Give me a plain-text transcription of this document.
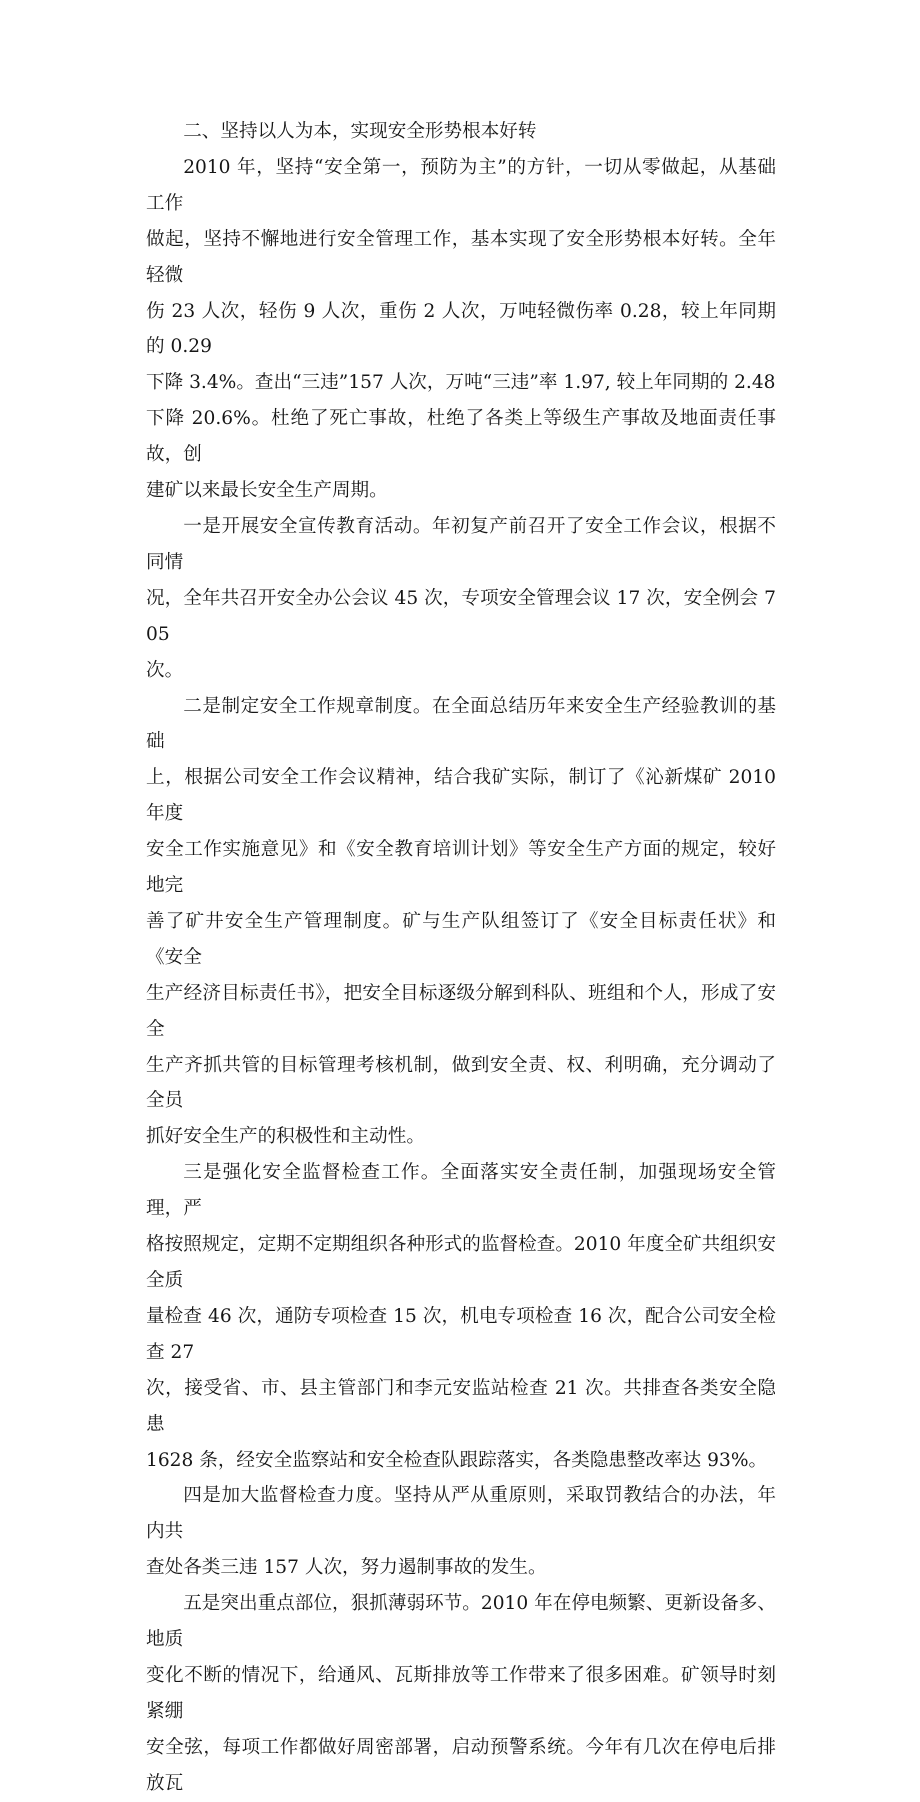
二、坚持以人为本，实现安全形势根本好转

2010 年，坚持“安全第一，预防为主”的方针，一切从零做起，从基础工作

做起，坚持不懈地进行安全管理工作，基本实现了安全形势根本好转。全年轻微

伤 23 人次，轻伤 9 人次，重伤 2 人次，万吨轻微伤率 0.28，较上年同期的 0.29

下降 3.4%。查出“三违”157 人次，万吨“三违”率 1.97, 较上年同期的 2.48

下降 20.6%。杜绝了死亡事故，杜绝了各类上等级生产事故及地面责任事故，创

建矿以来最长安全生产周期。

一是开展安全宣传教育活动。年初复产前召开了安全工作会议，根据不同情

况，全年共召开安全办公会议 45 次，专项安全管理会议 17 次，安全例会 705

次。

二是制定安全工作规章制度。在全面总结历年来安全生产经验教训的基础

上，根据公司安全工作会议精神，结合我矿实际，制订了《沁新煤矿 2010 年度

安全工作实施意见》和《安全教育培训计划》等安全生产方面的规定，较好地完

善了矿井安全生产管理制度。矿与生产队组签订了《安全目标责任状》和《安全

生产经济目标责任书》，把安全目标逐级分解到科队、班组和个人，形成了安全

生产齐抓共管的目标管理考核机制，做到安全责、权、利明确，充分调动了全员

抓好安全生产的积极性和主动性。

三是强化安全监督检查工作。全面落实安全责任制，加强现场安全管理，严

格按照规定，定期不定期组织各种形式的监督检查。2010 年度全矿共组织安全质

量检查 46 次，通防专项检查 15 次，机电专项检查 16 次，配合公司安全检查 27

次，接受省、市、县主管部门和李元安监站检查 21 次。共排查各类安全隐患

1628 条，经安全监察站和安全检查队跟踪落实，各类隐患整改率达 93%。

四是加大监督检查力度。坚持从严从重原则，采取罚教结合的办法，年内共

查处各类三违 157 人次，努力遏制事故的发生。

五是突出重点部位，狠抓薄弱环节。2010 年在停电频繁、更新设备多、地质

变化不断的情况下，给通风、瓦斯排放等工作带来了很多困难。矿领导时刻紧绷

安全弦，每项工作都做好周密部署，启动预警系统。今年有几次在停电后排放瓦
